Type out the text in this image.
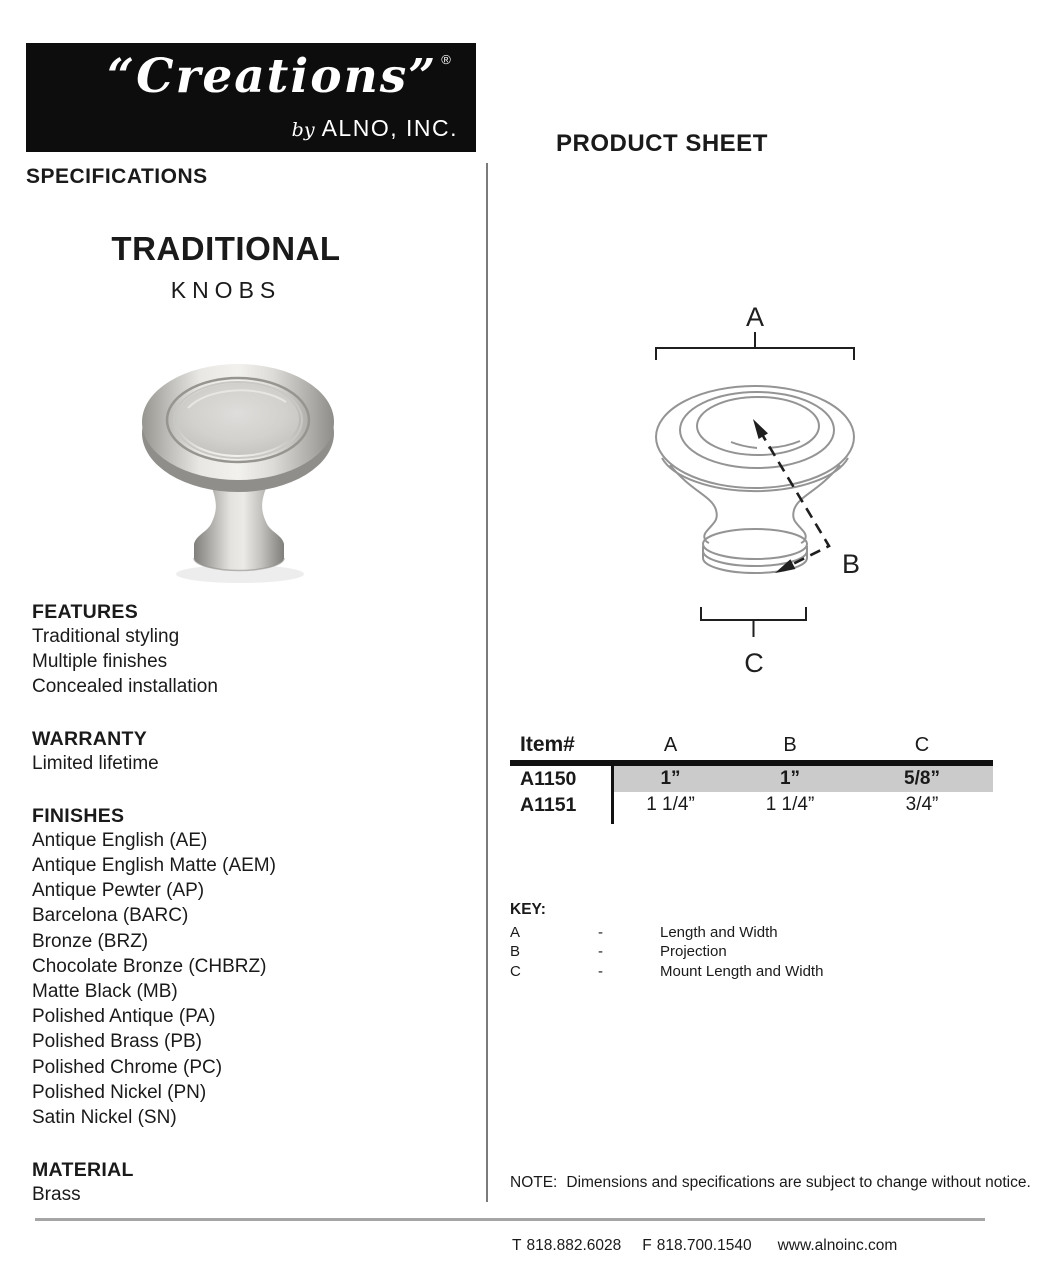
“Creations” ®
by ALNO, INC.
SPECIFICATIONS
PRODUCT SHEET
TRADITIONAL
KNOBS
FEATURES
Traditional styling
Multiple finishes
Concealed installation
WARRANTY
Limited lifetime
FINISHES
Antique English (AE)
Antique English Matte (AEM)
Antique Pewter (AP)
Barcelona (BARC)
Bronze (BRZ)
Chocolate Bronze (CHBRZ)
Matte Black (MB)
Polished Antique (PA)
Polished Brass (PB)
Polished Chrome (PC)
Polished Nickel (PN)
Satin Nickel (SN)
MATERIAL
Brass
A
B
C
Item#	A	B	C
A1150	1”	1”	5/8”
A1151	1 1/4”	1 1/4”	3/4”
KEY:
A	-	Length and Width
B	-	Projection
C	-	Mount Length and Width
NOTE: Dimensions and specifications are subject to change without notice.
T 818.882.6028 F 818.700.1540 www.alnoinc.com
